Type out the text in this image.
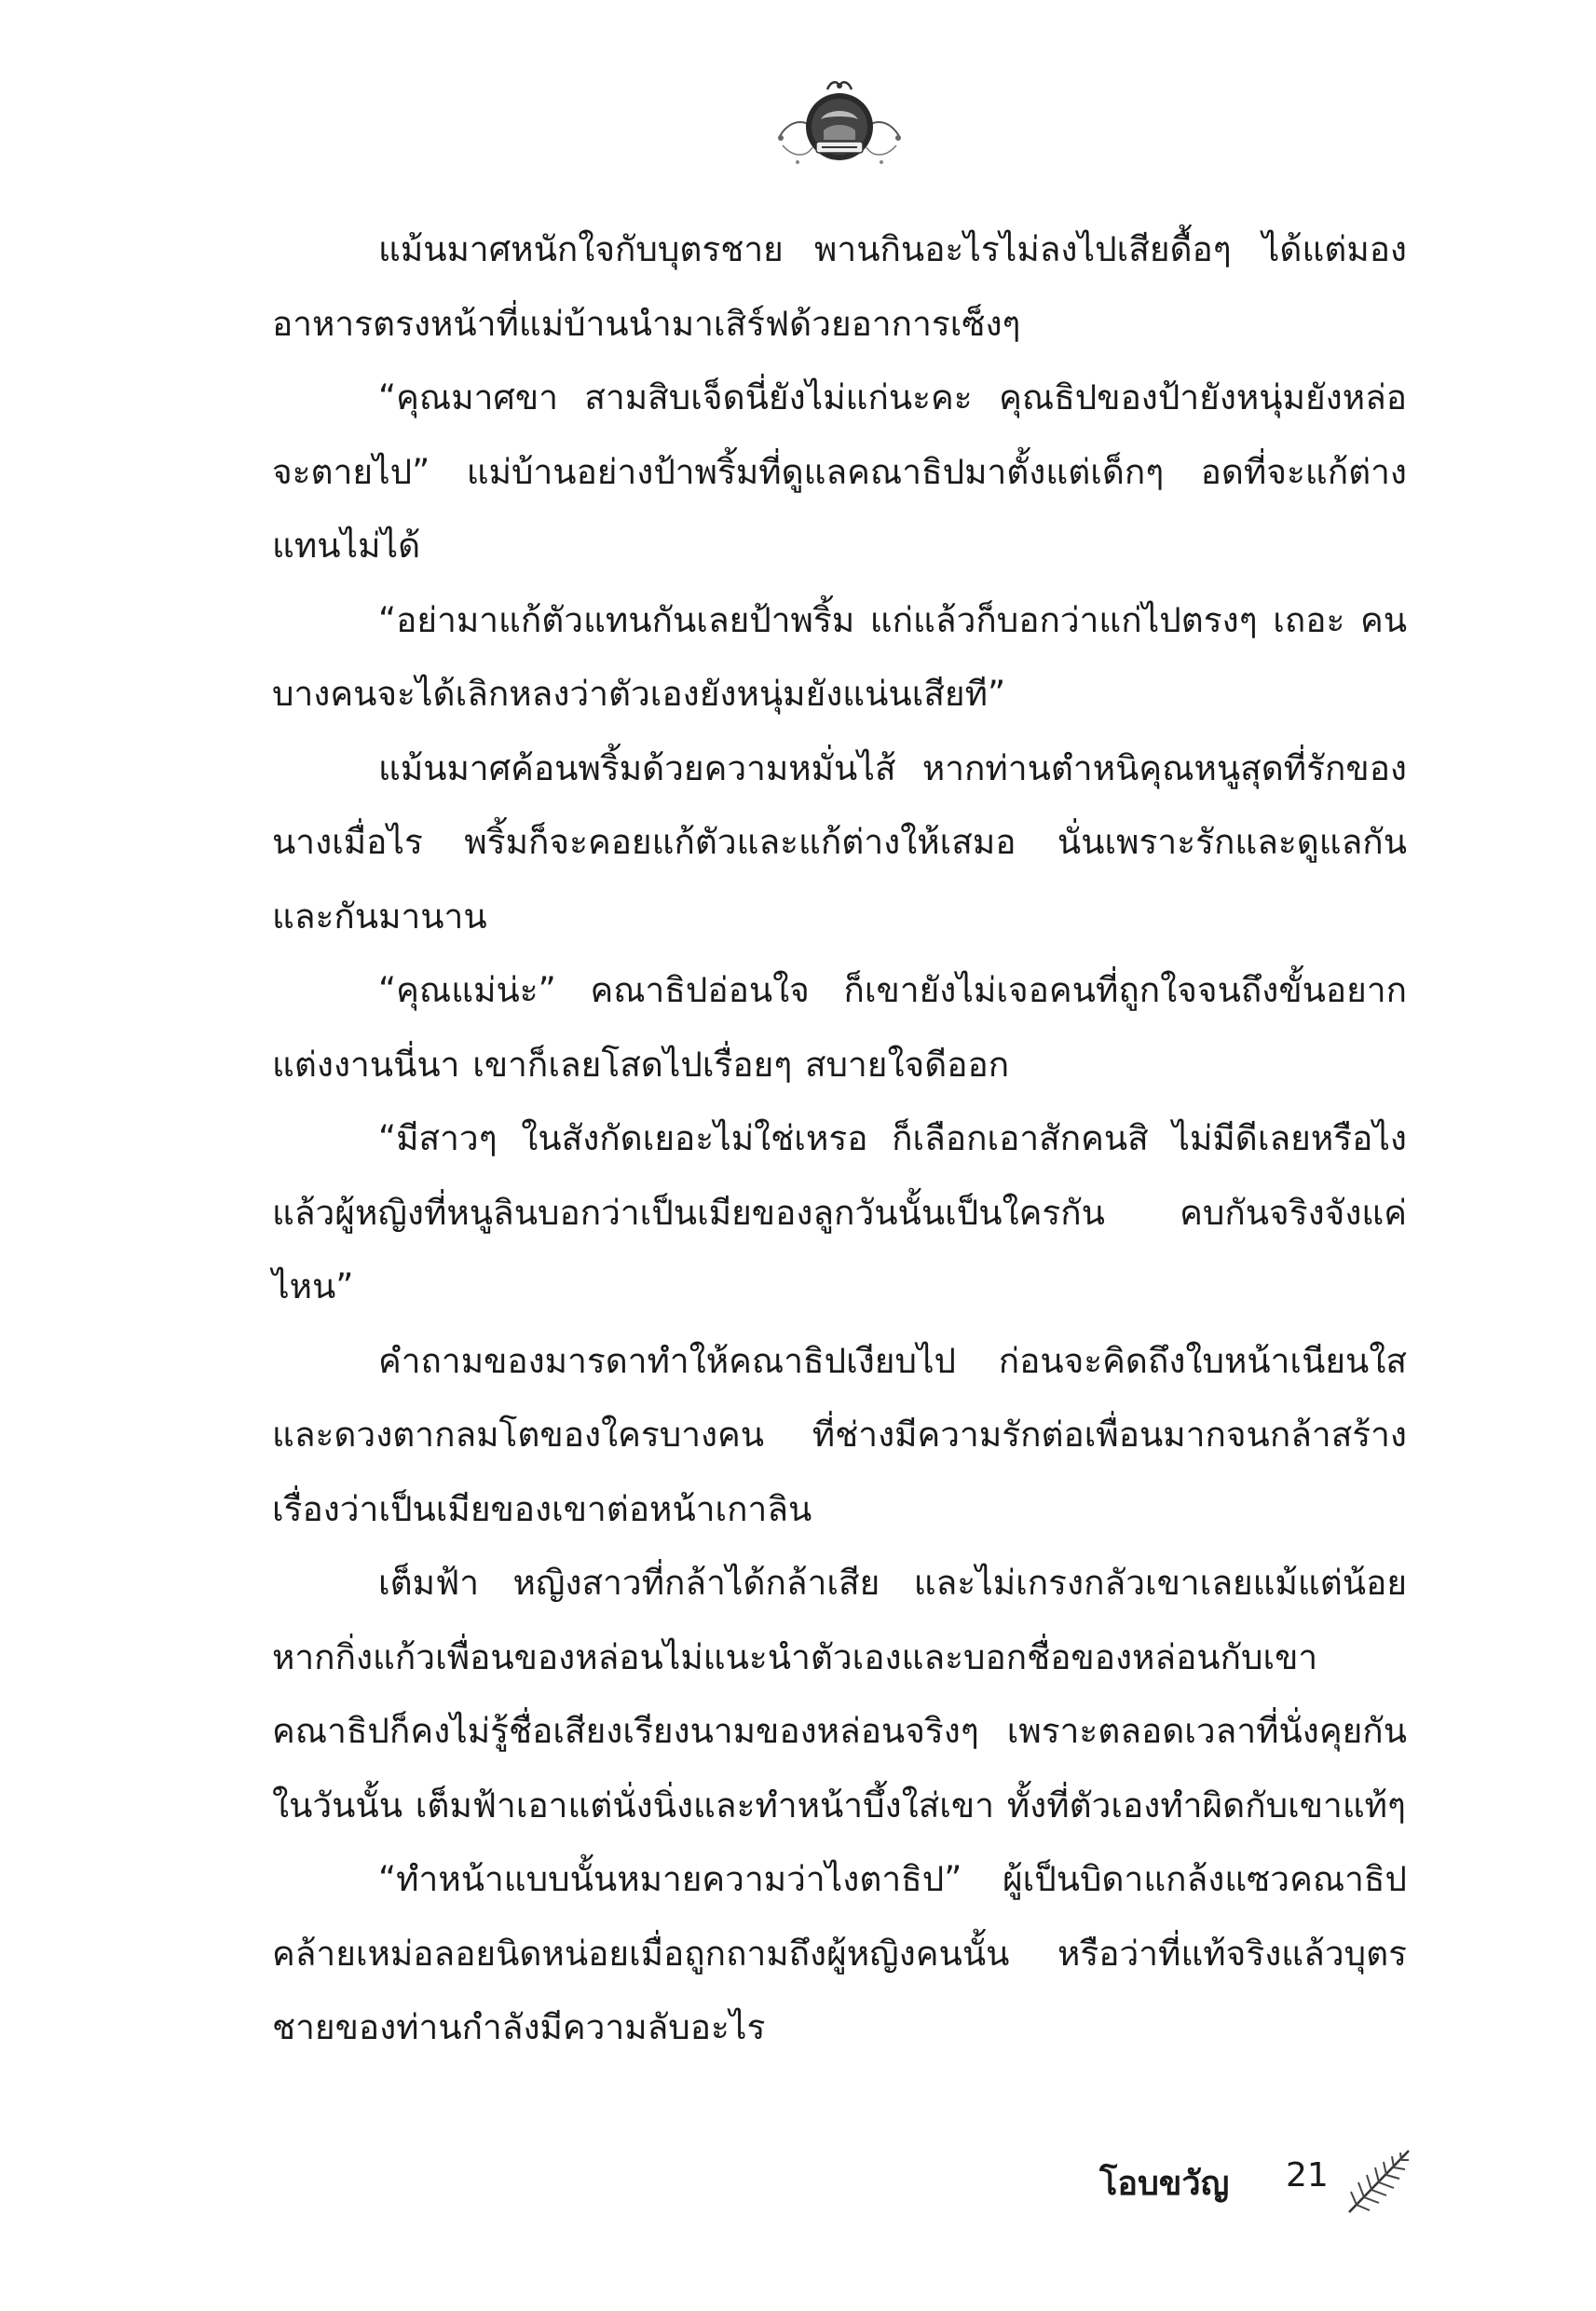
แม้นมาศหนักใจกับบุตรชาย พานกินอะไรไม่ลงไปเสียดื้อๆ ได้แต่มองอาหารตรงหน้าที่แม่บ้านนำมาเสิร์ฟด้วยอาการเซ็งๆ

“คุณมาศขา สามสิบเจ็ดนี่ยังไม่แก่นะคะ คุณธิปของป้ายังหนุ่มยังหล่อจะตายไป” แม่บ้านอย่างป้าพริ้มที่ดูแลคณาธิปมาตั้งแต่เด็กๆ อดที่จะแก้ต่างแทนไม่ได้

“อย่ามาแก้ตัวแทนกันเลยป้าพริ้ม แก่แล้วก็บอกว่าแก่ไปตรงๆ เถอะ คนบางคนจะได้เลิกหลงว่าตัวเองยังหนุ่มยังแน่นเสียที”

แม้นมาศค้อนพริ้มด้วยความหมั่นไส้ หากท่านตำหนิคุณหนูสุดที่รักของนางเมื่อไร พริ้มก็จะคอยแก้ตัวและแก้ต่างให้เสมอ นั่นเพราะรักและดูแลกันและกันมานาน

“คุณแม่น่ะ” คณาธิปอ่อนใจ ก็เขายังไม่เจอคนที่ถูกใจจนถึงขั้นอยากแต่งงานนี่นา เขาก็เลยโสดไปเรื่อยๆ สบายใจดีออก

“มีสาวๆ ในสังกัดเยอะไม่ใช่เหรอ ก็เลือกเอาสักคนสิ ไม่มีดีเลยหรือไง แล้วผู้หญิงที่หนูลินบอกว่าเป็นเมียของลูกวันนั้นเป็นใครกัน คบกันจริงจังแค่ไหน”

คำถามของมารดาทำให้คณาธิปเงียบไป ก่อนจะคิดถึงใบหน้าเนียนใสและดวงตากลมโตของใครบางคน ที่ช่างมีความรักต่อเพื่อนมากจนกล้าสร้างเรื่องว่าเป็นเมียของเขาต่อหน้าเกาลิน

เต็มฟ้า หญิงสาวที่กล้าได้กล้าเสีย และไม่เกรงกลัวเขาเลยแม้แต่น้อย หากกิ่งแก้วเพื่อนของหล่อนไม่แนะนำตัวเองและบอกชื่อของหล่อนกับเขา คณาธิปก็คงไม่รู้ชื่อเสียงเรียงนามของหล่อนจริงๆ เพราะตลอดเวลาที่นั่งคุยกันในวันนั้น เต็มฟ้าเอาแต่นั่งนิ่งและทำหน้าบึ้งใส่เขา ทั้งที่ตัวเองทำผิดกับเขาแท้ๆ

“ทำหน้าแบบนั้นหมายความว่าไงตาธิป” ผู้เป็นบิดาแกล้งแซวคณาธิปคล้ายเหม่อลอยนิดหน่อยเมื่อถูกถามถึงผู้หญิงคนนั้น หรือว่าที่แท้จริงแล้วบุตรชายของท่านกำลังมีความลับอะไร

โอบขวัญ 21
